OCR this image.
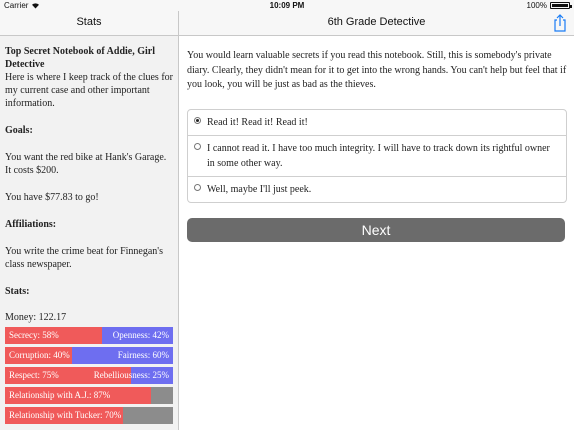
Carrier	10:09 PM	100%
Stats	6th Grade Detective

Top Secret Notebook of Addie, Girl Detective
Here is where I keep track of the clues for my current case and other important information.

Goals:

You want the red bike at Hank's Garage. It costs $200.

You have $77.83 to go!

Affiliations:

You write the crime beat for Finnegan's class newspaper.

Stats:

Money: 122.17
Secrecy: 58%	Openness: 42%
Corruption: 40%	Fairness: 60%
Respect: 75%	Rebelliousness: 25%
Relationship with A.J.: 87%
Relationship with Tucker: 70%
You would learn valuable secrets if you read this notebook. Still, this is somebody's private diary. Clearly, they didn't mean for it to get into the wrong hands. You can't help but feel that if you look, you will be just as bad as the thieves.
Read it! Read it! Read it!
I cannot read it. I have too much integrity. I will have to track down its rightful owner in some other way.
Well, maybe I'll just peek.
Next
